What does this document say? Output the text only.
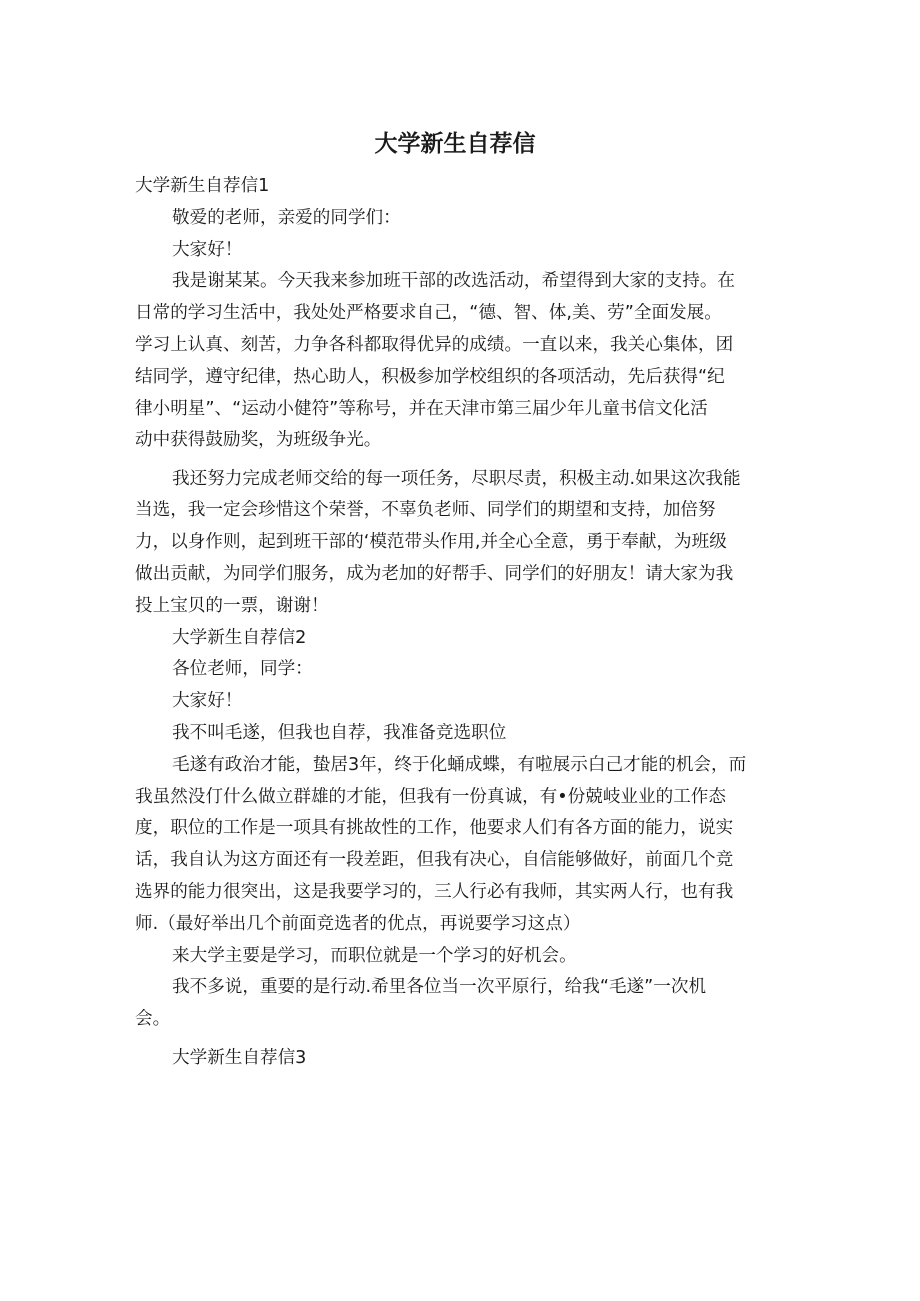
大学新生自荐信
大学新生自荐信1
敬爱的老师，亲爱的同学们：
大家好！
我是谢某某。今天我来参加班干部的改选活动，希望得到大家的支持。在
日常的学习生活中，我处处严格要求自己，“德、智、体,美、劳”全面发展。
学习上认真、刻苦，力争各科都取得优异的成绩。一直以来，我关心集体，团
结同学，遵守纪律，热心助人，积极参加学校组织的各项活动，先后获得“纪
律小明星”、“运动小健符”等称号，并在天津市第三届少年儿童书信文化活
动中获得鼓励奖，为班级争光。
我还努力完成老师交给的每一项任务，尽职尽责，积极主动.如果这次我能
当选，我一定会珍惜这个荣誉，不辜负老师、同学们的期望和支持，加倍努
力，以身作则，起到班干部的‘模范带头作用,并全心全意，勇于奉献，为班级
做出贡献，为同学们服务，成为老加的好帮手、同学们的好朋友！请大家为我
投上宝贝的一票，谢谢！
大学新生自荐信2
各位老师，同学：
大家好！
我不叫毛遂，但我也自荐，我准备竞选职位
毛遂有政治才能，蛰居3年，终于化蛹成蝶，有啦展示白己才能的机会，而
我虽然没仃什么做立群雄的才能，但我有一份真诚，有•份兢岐业业的工作态
度，职位的工作是一项具有挑故性的工作，他要求人们有各方面的能力，说实
话，我自认为这方面还有一段差距，但我有决心，自信能够做好，前面几个竞
选界的能力很突出，这是我要学习的，三人行必有我师，其实两人行，也有我
师.（最好举出几个前面竞选者的优点，再说要学习这点）
来大学主要是学习，而职位就是一个学习的好机会。
我不多说，重要的是行动.希里各位当一次平原行，给我“毛遂”一次机
会。
大学新生自荐信3
